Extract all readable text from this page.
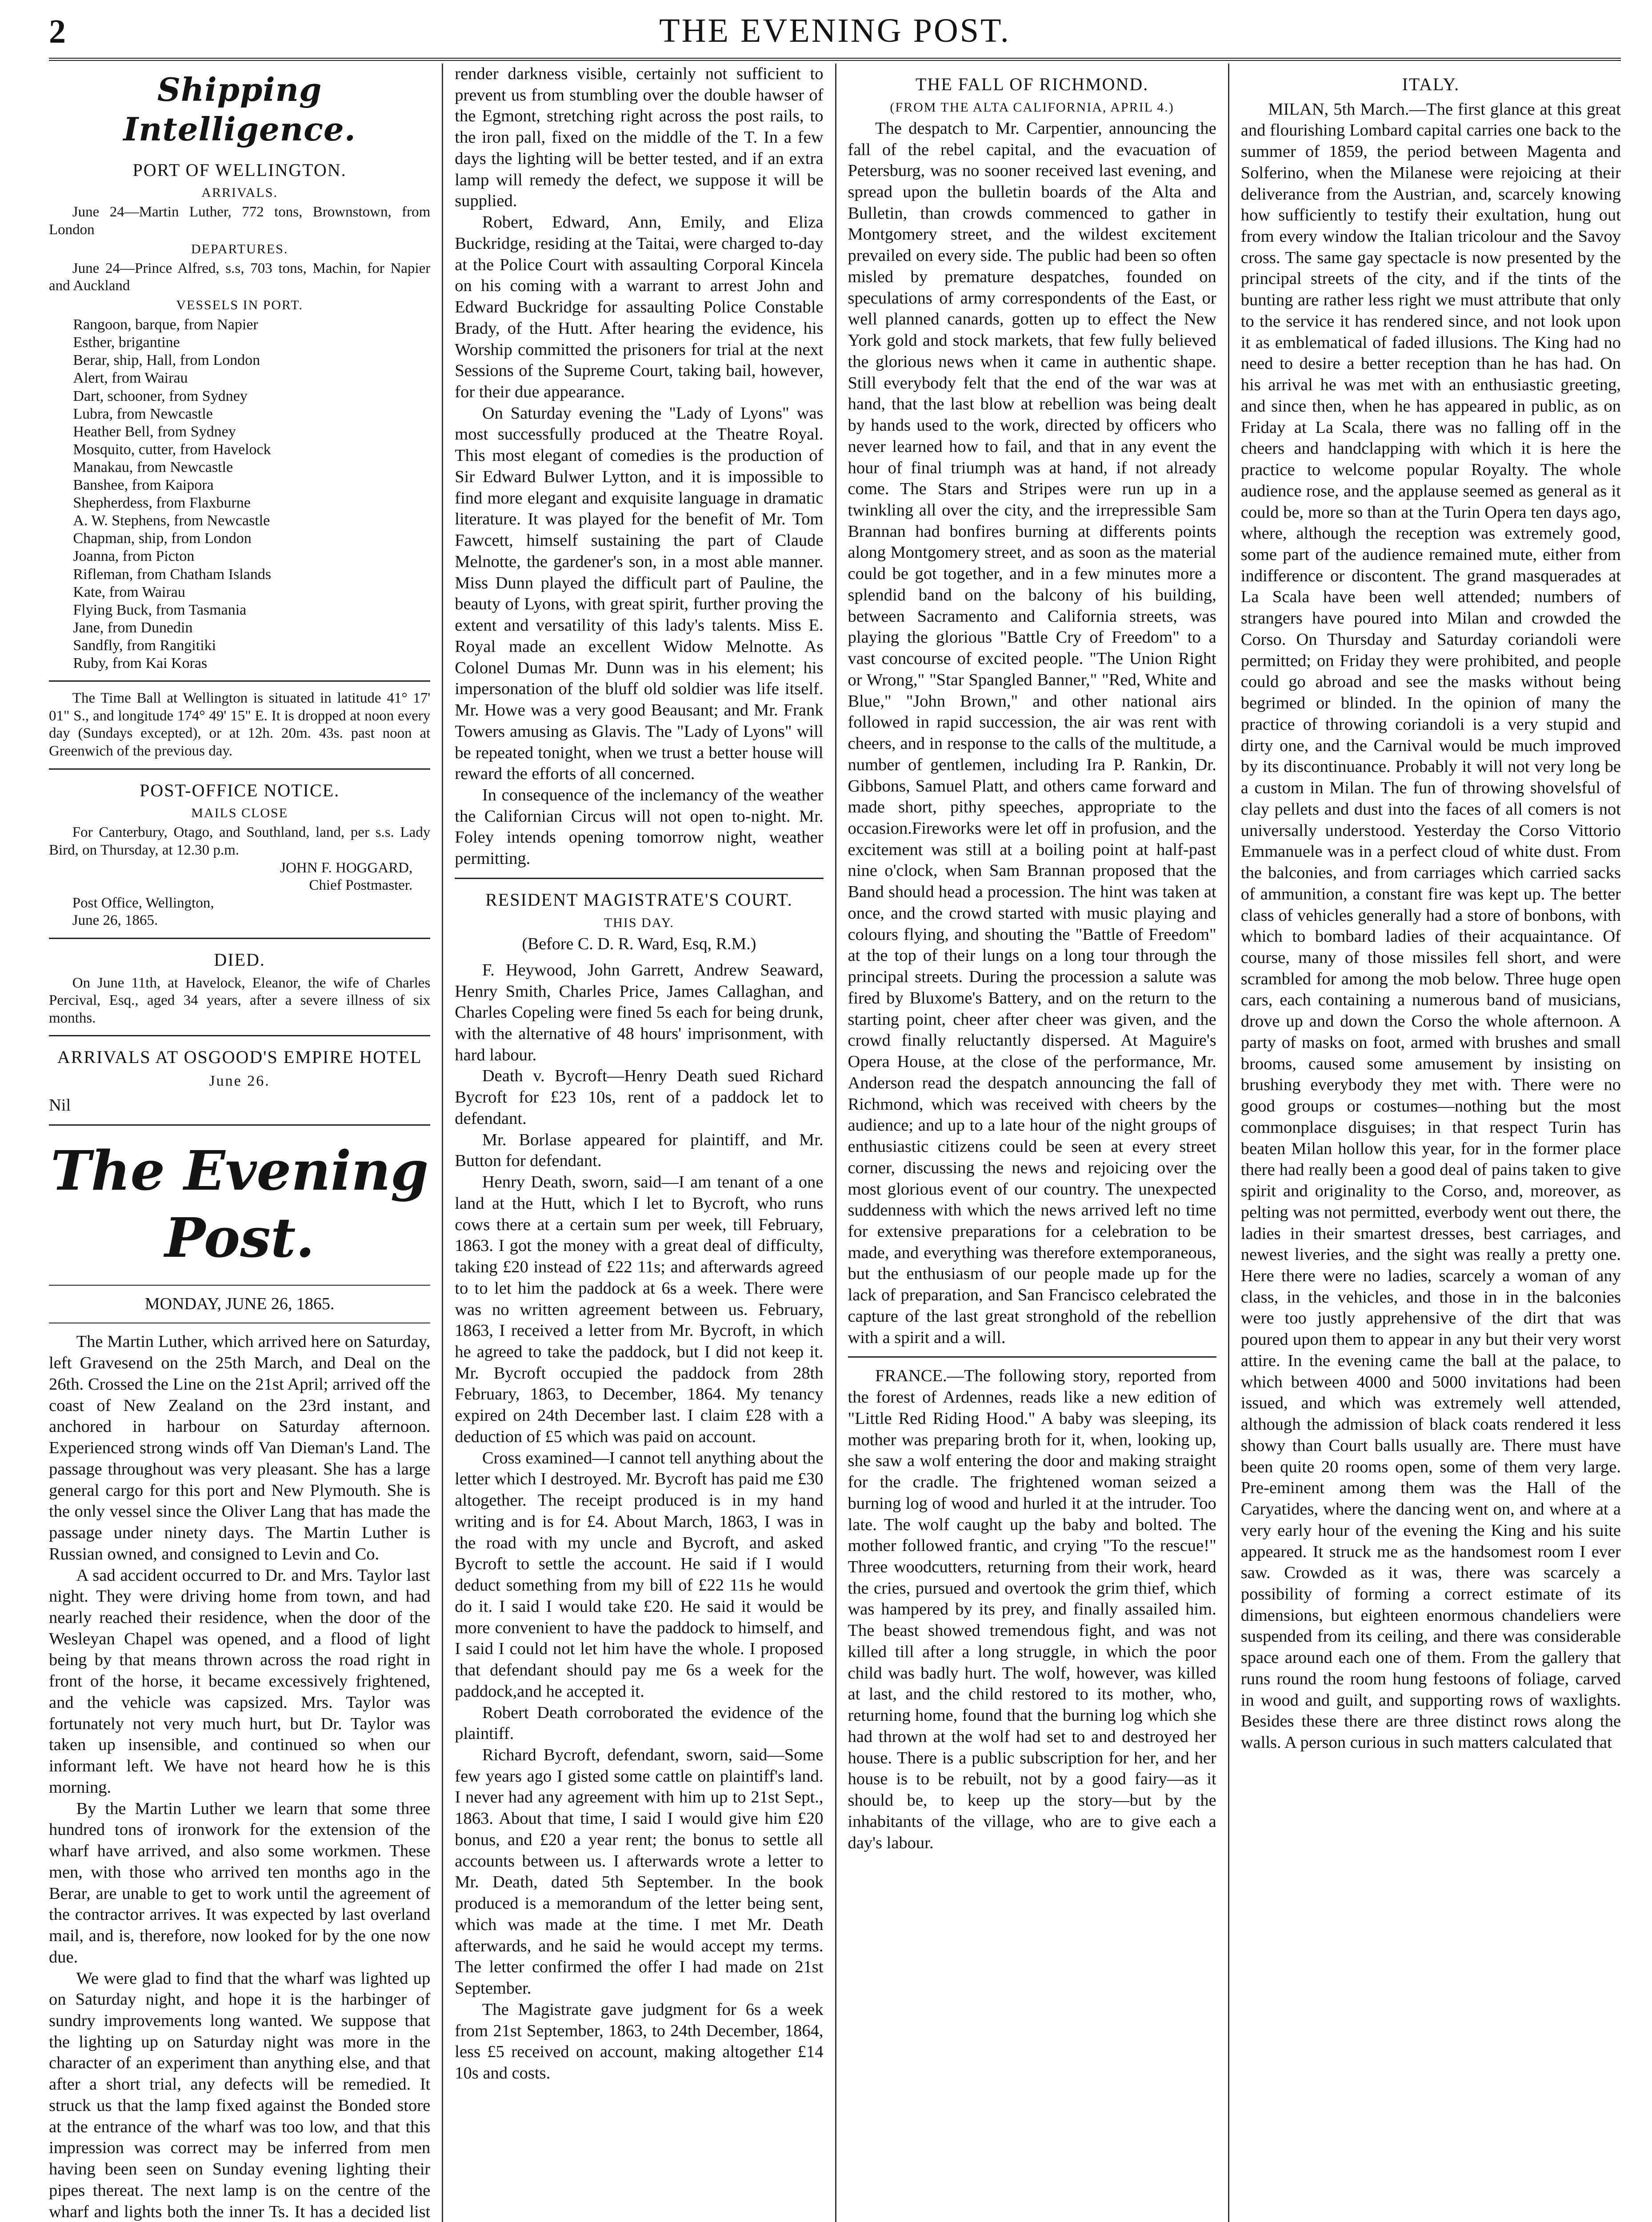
2	THE EVENING POST.
Shipping Intelligence.
PORT OF WELLINGTON.
ARRIVALS.

June 24—Martin Luther, 772 tons, Brownstown, from London

DEPARTURES.

June 24—Prince Alfred, s.s, 703 tons, Machin, for Napier and Auckland

VESSELS IN PORT.

Rangoon, barque, from Napier

Esther, brigantine

Berar, ship, Hall, from London

Alert, from Wairau

Dart, schooner, from Sydney

Lubra, from Newcastle

Heather Bell, from Sydney

Mosquito, cutter, from Havelock

Manakau, from Newcastle

Banshee, from Kaipora

Shepherdess, from Flaxburne

A. W. Stephens, from Newcastle

Chapman, ship, from London

Joanna, from Picton

Rifleman, from Chatham Islands

Kate, from Wairau

Flying Buck, from Tasmania

Jane, from Dunedin

Sandfly, from Rangitiki

Ruby, from Kai Koras

The Time Ball at Wellington is situated in latitude 41° 17' 01" S., and longitude 174° 49' 15" E. It is dropped at noon every day (Sundays excepted), or at 12h. 20m. 43s. past noon at Greenwich of the previous day.

POST-OFFICE NOTICE.
MAILS CLOSE

For Canterbury, Otago, and Southland, land, per s.s. Lady Bird, on Thursday, at 12.30 p.m.

JOHN F. HOGGARD,

Chief Postmaster.

Post Office, Wellington,

June 26, 1865.

DIED.

On June 11th, at Havelock, Eleanor, the wife of Charles Percival, Esq., aged 34 years, after a severe illness of six months.

ARRIVALS AT OSGOOD'S EMPIRE HOTEL
June 26.

Nil

The Evening Post.
MONDAY, JUNE 26, 1865.

The Martin Luther, which arrived here on Saturday, left Gravesend on the 25th March, and Deal on the 26th. Crossed the Line on the 21st April; arrived off the coast of New Zealand on the 23rd instant, and anchored in harbour on Saturday afternoon. Experienced strong winds off Van Dieman's Land. The passage throughout was very pleasant. She has a large general cargo for this port and New Plymouth. She is the only vessel since the Oliver Lang that has made the passage under ninety days. The Martin Luther is Russian owned, and consigned to Levin and Co.

A sad accident occurred to Dr. and Mrs. Taylor last night. They were driving home from town, and had nearly reached their residence, when the door of the Wesleyan Chapel was opened, and a flood of light being by that means thrown across the road right in front of the horse, it became excessively frightened, and the vehicle was capsized. Mrs. Taylor was fortunately not very much hurt, but Dr. Taylor was taken up insensible, and continued so when our informant left. We have not heard how he is this morning.

By the Martin Luther we learn that some three hundred tons of ironwork for the extension of the wharf have arrived, and also some workmen. These men, with those who arrived ten months ago in the Berar, are unable to get to work until the agreement of the contractor arrives. It was expected by last overland mail, and is, therefore, now looked for by the one now due.

We were glad to find that the wharf was lighted up on Saturday night, and hope it is the harbinger of sundry improvements long wanted. We suppose that the lighting up on Saturday night was more in the character of an experiment than anything else, and that after a short trial, any defects will be remedied. It struck us that the lamp fixed against the Bonded store at the entrance of the wharf was too low, and that this impression was correct may be inferred from men having been seen on Sunday evening lighting their pipes thereat. The next lamp is on the centre of the wharf and lights both the inner Ts. It has a decided list

render darkness visible, certainly not sufficient to prevent us from stumbling over the double hawser of the Egmont, stretching right across the post rails, to the iron pall, fixed on the middle of the T. In a few days the lighting will be better tested, and if an extra lamp will remedy the defect, we suppose it will be supplied.

Robert, Edward, Ann, Emily, and Eliza Buckridge, residing at the Taitai, were charged to-day at the Police Court with assaulting Corporal Kincela on his coming with a warrant to arrest John and Edward Buckridge for assaulting Police Constable Brady, of the Hutt. After hearing the evidence, his Worship committed the prisoners for trial at the next Sessions of the Supreme Court, taking bail, however, for their due appearance.

On Saturday evening the "Lady of Lyons" was most successfully produced at the Theatre Royal. This most elegant of comedies is the production of Sir Edward Bulwer Lytton, and it is impossible to find more elegant and exquisite language in dramatic literature. It was played for the benefit of Mr. Tom Fawcett, himself sustaining the part of Claude Melnotte, the gardener's son, in a most able manner. Miss Dunn played the difficult part of Pauline, the beauty of Lyons, with great spirit, further proving the extent and versatility of this lady's talents. Miss E. Royal made an excellent Widow Melnotte. As Colonel Dumas Mr. Dunn was in his element; his impersonation of the bluff old soldier was life itself. Mr. Howe was a very good Beausant; and Mr. Frank Towers amusing as Glavis. The "Lady of Lyons" will be repeated tonight, when we trust a better house will reward the efforts of all concerned.

In consequence of the inclemancy of the weather the Californian Circus will not open to-night. Mr. Foley intends opening tomorrow night, weather permitting.

RESIDENT MAGISTRATE'S COURT.
THIS DAY.
(Before C. D. R. Ward, Esq, R.M.)

F. Heywood, John Garrett, Andrew Seaward, Henry Smith, Charles Price, James Callaghan, and Charles Copeling were fined 5s each for being drunk, with the alternative of 48 hours' imprisonment, with hard labour.

Death v. Bycroft—Henry Death sued Richard Bycroft for £23 10s, rent of a paddock let to defendant.

Mr. Borlase appeared for plaintiff, and Mr. Button for defendant.

Henry Death, sworn, said—I am tenant of a one land at the Hutt, which I let to Bycroft, who runs cows there at a certain sum per week, till February, 1863. I got the money with a great deal of difficulty, taking £20 instead of £22 11s; and afterwards agreed to to let him the paddock at 6s a week. There were was no written agreement between us. February, 1863, I received a letter from Mr. Bycroft, in which he agreed to take the paddock, but I did not keep it. Mr. Bycroft occupied the paddock from 28th February, 1863, to December, 1864. My tenancy expired on 24th December last. I claim £28 with a deduction of £5 which was paid on account.

Cross examined—I cannot tell anything about the letter which I destroyed. Mr. Bycroft has paid me £30 altogether. The receipt produced is in my hand writing and is for £4. About March, 1863, I was in the road with my uncle and Bycroft, and asked Bycroft to settle the account. He said if I would deduct something from my bill of £22 11s he would do it. I said I would take £20. He said it would be more convenient to have the paddock to himself, and I said I could not let him have the whole. I proposed that defendant should pay me 6s a week for the paddock,and he accepted it.

Robert Death corroborated the evidence of the plaintiff.

Richard Bycroft, defendant, sworn, said—Some few years ago I gisted some cattle on plaintiff's land. I never had any agreement with him up to 21st Sept., 1863. About that time, I said I would give him £20 bonus, and £20 a year rent; the bonus to settle all accounts between us. I afterwards wrote a letter to Mr. Death, dated 5th September. In the book produced is a memorandum of the letter being sent, which was made at the time. I met Mr. Death afterwards, and he said he would accept my terms. The letter confirmed the offer I had made on 21st September.

The Magistrate gave judgment for 6s a week from 21st September, 1863, to 24th December, 1864, less £5 received on account, making altogether £14 10s and costs.

THE FALL OF RICHMOND.
(FROM THE ALTA CALIFORNIA, APRIL 4.)

The despatch to Mr. Carpentier, announcing the fall of the rebel capital, and the evacuation of Petersburg, was no sooner received last evening, and spread upon the bulletin boards of the Alta and Bulletin, than crowds commenced to gather in Montgomery street, and the wildest excitement prevailed on every side. The public had been so often misled by premature despatches, founded on speculations of army correspondents of the East, or well planned canards, gotten up to effect the New York gold and stock markets, that few fully believed the glorious news when it came in authentic shape. Still everybody felt that the end of the war was at hand, that the last blow at rebellion was being dealt by hands used to the work, directed by officers who never learned how to fail, and that in any event the hour of final triumph was at hand, if not already come. The Stars and Stripes were run up in a twinkling all over the city, and the irrepressible Sam Brannan had bonfires burning at differents points along Montgomery street, and as soon as the material could be got together, and in a few minutes more a splendid band on the balcony of his building, between Sacramento and California streets, was playing the glorious "Battle Cry of Freedom" to a vast concourse of excited people. "The Union Right or Wrong," "Star Spangled Banner," "Red, White and Blue," "John Brown," and other national airs followed in rapid succession, the air was rent with cheers, and in response to the calls of the multitude, a number of gentlemen, including Ira P. Rankin, Dr. Gibbons, Samuel Platt, and others came forward and made short, pithy speeches, appropriate to the occasion.Fireworks were let off in profusion, and the excitement was still at a boiling point at half-past nine o'clock, when Sam Brannan proposed that the Band should head a procession. The hint was taken at once, and the crowd started with music playing and colours flying, and shouting the "Battle of Freedom" at the top of their lungs on a long tour through the principal streets. During the procession a salute was fired by Bluxome's Battery, and on the return to the starting point, cheer after cheer was given, and the crowd finally reluctantly dispersed. At Maguire's Opera House, at the close of the performance, Mr. Anderson read the despatch announcing the fall of Richmond, which was received with cheers by the audience; and up to a late hour of the night groups of enthusiastic citizens could be seen at every street corner, discussing the news and rejoicing over the most glorious event of our country. The unexpected suddenness with which the news arrived left no time for extensive preparations for a celebration to be made, and everything was therefore extemporaneous, but the enthusiasm of our people made up for the lack of preparation, and San Francisco celebrated the capture of the last great stronghold of the rebellion with a spirit and a will.

FRANCE.—The following story, reported from the forest of Ardennes, reads like a new edition of "Little Red Riding Hood." A baby was sleeping, its mother was preparing broth for it, when, looking up, she saw a wolf entering the door and making straight for the cradle. The frightened woman seized a burning log of wood and hurled it at the intruder. Too late. The wolf caught up the baby and bolted. The mother followed frantic, and crying "To the rescue!" Three woodcutters, returning from their work, heard the cries, pursued and overtook the grim thief, which was hampered by its prey, and finally assailed him. The beast showed tremendous fight, and was not killed till after a long struggle, in which the poor child was badly hurt. The wolf, however, was killed at last, and the child restored to its mother, who, returning home, found that the burning log which she had thrown at the wolf had set to and destroyed her house. There is a public subscription for her, and her house is to be rebuilt, not by a good fairy—as it should be, to keep up the story—but by the inhabitants of the village, who are to give each a day's labour.

ITALY.

MILAN, 5th March.—The first glance at this great and flourishing Lombard capital carries one back to the summer of 1859, the period between Magenta and Solferino, when the Milanese were rejoicing at their deliverance from the Austrian, and, scarcely knowing how sufficiently to testify their exultation, hung out from every window the Italian tricolour and the Savoy cross. The same gay spectacle is now presented by the principal streets of the city, and if the tints of the bunting are rather less right we must attribute that only to the service it has rendered since, and not look upon it as emblematical of faded illusions. The King had no need to desire a better reception than he has had. On his arrival he was met with an enthusiastic greeting, and since then, when he has appeared in public, as on Friday at La Scala, there was no falling off in the cheers and handclapping with which it is here the practice to welcome popular Royalty. The whole audience rose, and the applause seemed as general as it could be, more so than at the Turin Opera ten days ago, where, although the reception was extremely good, some part of the audience remained mute, either from indifference or discontent. The grand masquerades at La Scala have been well attended; numbers of strangers have poured into Milan and crowded the Corso. On Thursday and Saturday coriandoli were permitted; on Friday they were prohibited, and people could go abroad and see the masks without being begrimed or blinded. In the opinion of many the practice of throwing coriandoli is a very stupid and dirty one, and the Carnival would be much improved by its discontinuance. Probably it will not very long be a custom in Milan. The fun of throwing shovelsful of clay pellets and dust into the faces of all comers is not universally understood. Yesterday the Corso Vittorio Emmanuele was in a perfect cloud of white dust. From the balconies, and from carriages which carried sacks of ammunition, a constant fire was kept up. The better class of vehicles generally had a store of bonbons, with which to bombard ladies of their acquaintance. Of course, many of those missiles fell short, and were scrambled for among the mob below. Three huge open cars, each containing a numerous band of musicians, drove up and down the Corso the whole afternoon. A party of masks on foot, armed with brushes and small brooms, caused some amusement by insisting on brushing everybody they met with. There were no good groups or costumes—nothing but the most commonplace disguises; in that respect Turin has beaten Milan hollow this year, for in the former place there had really been a good deal of pains taken to give spirit and originality to the Corso, and, moreover, as pelting was not permitted, everbody went out there, the ladies in their smartest dresses, best carriages, and newest liveries, and the sight was really a pretty one. Here there were no ladies, scarcely a woman of any class, in the vehicles, and those in in the balconies were too justly apprehensive of the dirt that was poured upon them to appear in any but their very worst attire. In the evening came the ball at the palace, to which between 4000 and 5000 invitations had been issued, and which was extremely well attended, although the admission of black coats rendered it less showy than Court balls usually are. There must have been quite 20 rooms open, some of them very large. Pre-eminent among them was the Hall of the Caryatides, where the dancing went on, and where at a very early hour of the evening the King and his suite appeared. It struck me as the handsomest room I ever saw. Crowded as it was, there was scarcely a possibility of forming a correct estimate of its dimensions, but eighteen enormous chandeliers were suspended from its ceiling, and there was considerable space around each one of them. From the gallery that runs round the room hung festoons of foliage, carved in wood and guilt, and supporting rows of waxlights. Besides these there are three distinct rows along the walls. A person curious in such matters calculated that
